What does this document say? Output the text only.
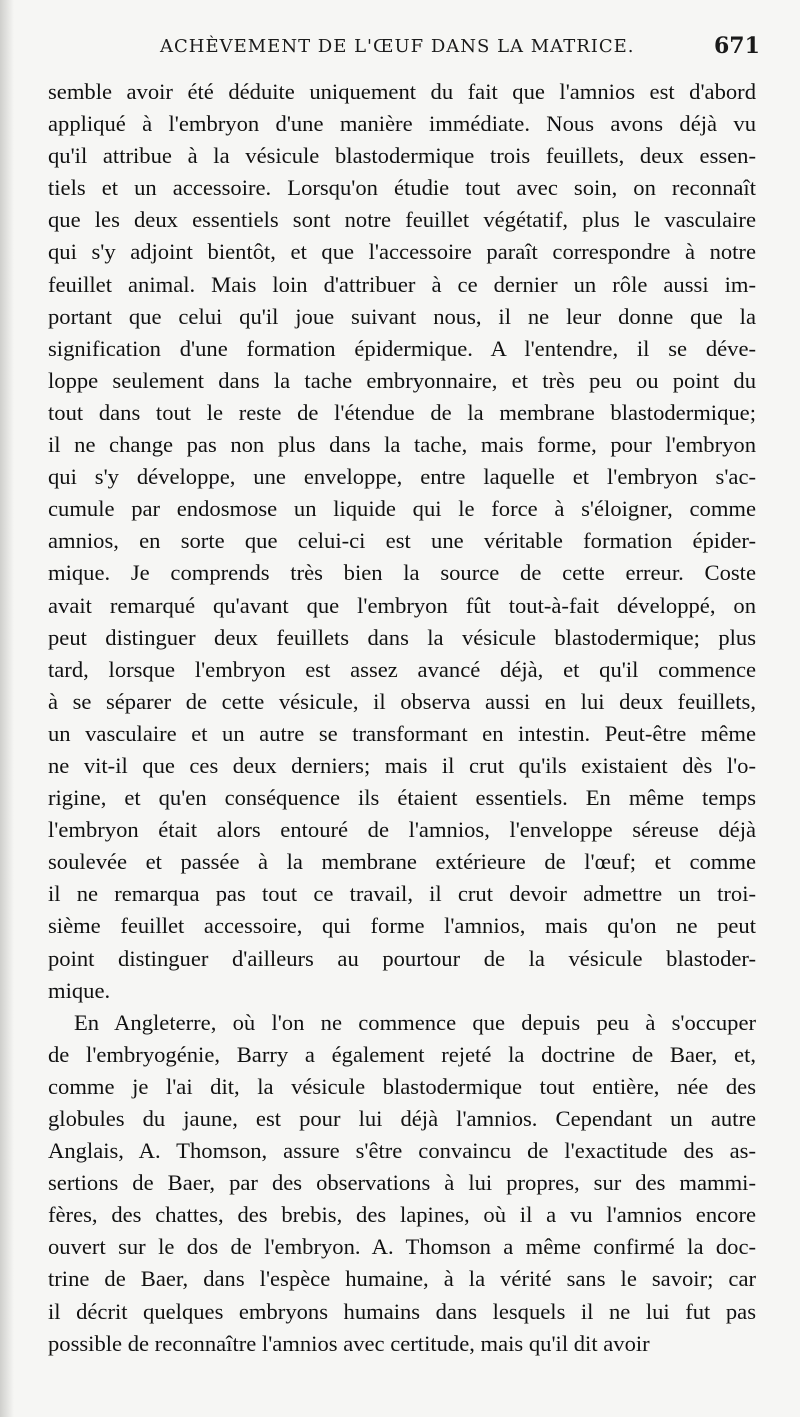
ACHÈVEMENT DE L'ŒUF DANS LA MATRICE.	671
semble avoir été déduite uniquement du fait que l'amnios est d'abord
appliqué à l'embryon d'une manière immédiate. Nous avons déjà vu
qu'il attribue à la vésicule blastodermique trois feuillets, deux essen-
tiels et un accessoire. Lorsqu'on étudie tout avec soin, on reconnaît
que les deux essentiels sont notre feuillet végétatif, plus le vasculaire
qui s'y adjoint bientôt, et que l'accessoire paraît correspondre à notre
feuillet animal. Mais loin d'attribuer à ce dernier un rôle aussi im-
portant que celui qu'il joue suivant nous, il ne leur donne que la
signification d'une formation épidermique. A l'entendre, il se déve-
loppe seulement dans la tache embryonnaire, et très peu ou point du
tout dans tout le reste de l'étendue de la membrane blastodermique;
il ne change pas non plus dans la tache, mais forme, pour l'embryon
qui s'y développe, une enveloppe, entre laquelle et l'embryon s'ac-
cumule par endosmose un liquide qui le force à s'éloigner, comme
amnios, en sorte que celui-ci est une véritable formation épider-
mique. Je comprends très bien la source de cette erreur. Coste
avait remarqué qu'avant que l'embryon fût tout-à-fait développé, on
peut distinguer deux feuillets dans la vésicule blastodermique; plus
tard, lorsque l'embryon est assez avancé déjà, et qu'il commence
à se séparer de cette vésicule, il observa aussi en lui deux feuillets,
un vasculaire et un autre se transformant en intestin. Peut-être même
ne vit-il que ces deux derniers; mais il crut qu'ils existaient dès l'o-
rigine, et qu'en conséquence ils étaient essentiels. En même temps
l'embryon était alors entouré de l'amnios, l'enveloppe séreuse déjà
soulevée et passée à la membrane extérieure de l'œuf; et comme
il ne remarqua pas tout ce travail, il crut devoir admettre un troi-
sième feuillet accessoire, qui forme l'amnios, mais qu'on ne peut
point distinguer d'ailleurs au pourtour de la vésicule blastoder-
mique.
En Angleterre, où l'on ne commence que depuis peu à s'occuper
de l'embryogénie, Barry a également rejeté la doctrine de Baer, et,
comme je l'ai dit, la vésicule blastodermique tout entière, née des
globules du jaune, est pour lui déjà l'amnios. Cependant un autre
Anglais, A. Thomson, assure s'être convaincu de l'exactitude des as-
sertions de Baer, par des observations à lui propres, sur des mammi-
fères, des chattes, des brebis, des lapines, où il a vu l'amnios encore
ouvert sur le dos de l'embryon. A. Thomson a même confirmé la doc-
trine de Baer, dans l'espèce humaine, à la vérité sans le savoir; car
il décrit quelques embryons humains dans lesquels il ne lui fut pas
possible de reconnaître l'amnios avec certitude, mais qu'il dit avoir
